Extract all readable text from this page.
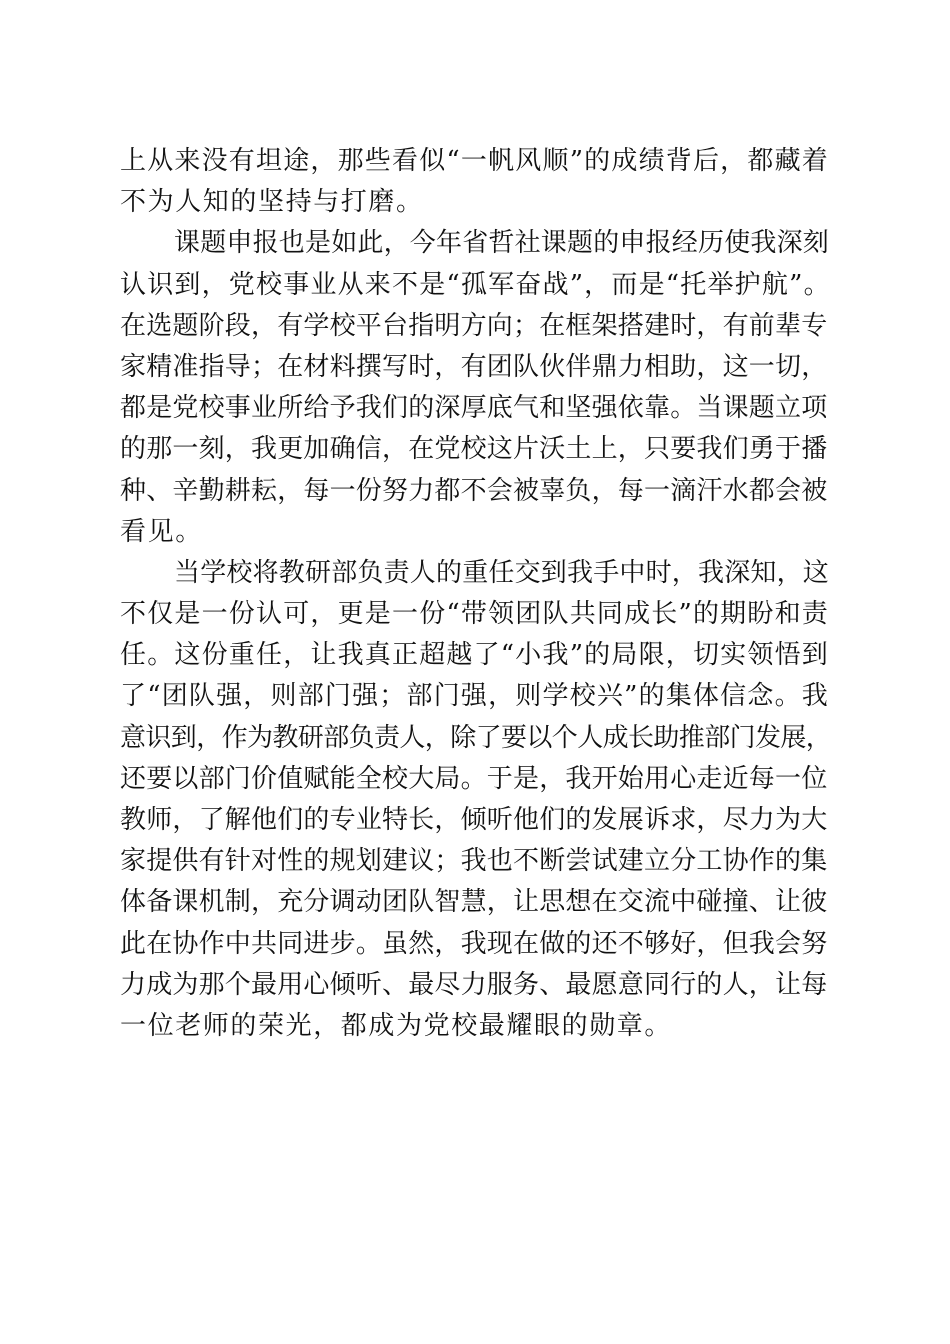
上从来没有坦途，那些看似“一帆风顺”的成绩背后，都藏着
不为人知的坚持与打磨。
课题申报也是如此，今年省哲社课题的申报经历使我深刻
认识到，党校事业从来不是“孤军奋战”，而是“托举护航”。
在选题阶段，有学校平台指明方向；在框架搭建时，有前辈专
家精准指导；在材料撰写时，有团队伙伴鼎力相助，这一切，
都是党校事业所给予我们的深厚底气和坚强依靠。当课题立项
的那一刻，我更加确信，在党校这片沃土上，只要我们勇于播
种、辛勤耕耘，每一份努力都不会被辜负，每一滴汗水都会被
看见。
当学校将教研部负责人的重任交到我手中时，我深知，这
不仅是一份认可，更是一份“带领团队共同成长”的期盼和责
任。这份重任，让我真正超越了“小我”的局限，切实领悟到
了“团队强，则部门强；部门强，则学校兴”的集体信念。我
意识到，作为教研部负责人，除了要以个人成长助推部门发展，
还要以部门价值赋能全校大局。于是，我开始用心走近每一位
教师，了解他们的专业特长，倾听他们的发展诉求，尽力为大
家提供有针对性的规划建议；我也不断尝试建立分工协作的集
体备课机制，充分调动团队智慧，让思想在交流中碰撞、让彼
此在协作中共同进步。虽然，我现在做的还不够好，但我会努
力成为那个最用心倾听、最尽力服务、最愿意同行的人，让每
一位老师的荣光，都成为党校最耀眼的勋章。
